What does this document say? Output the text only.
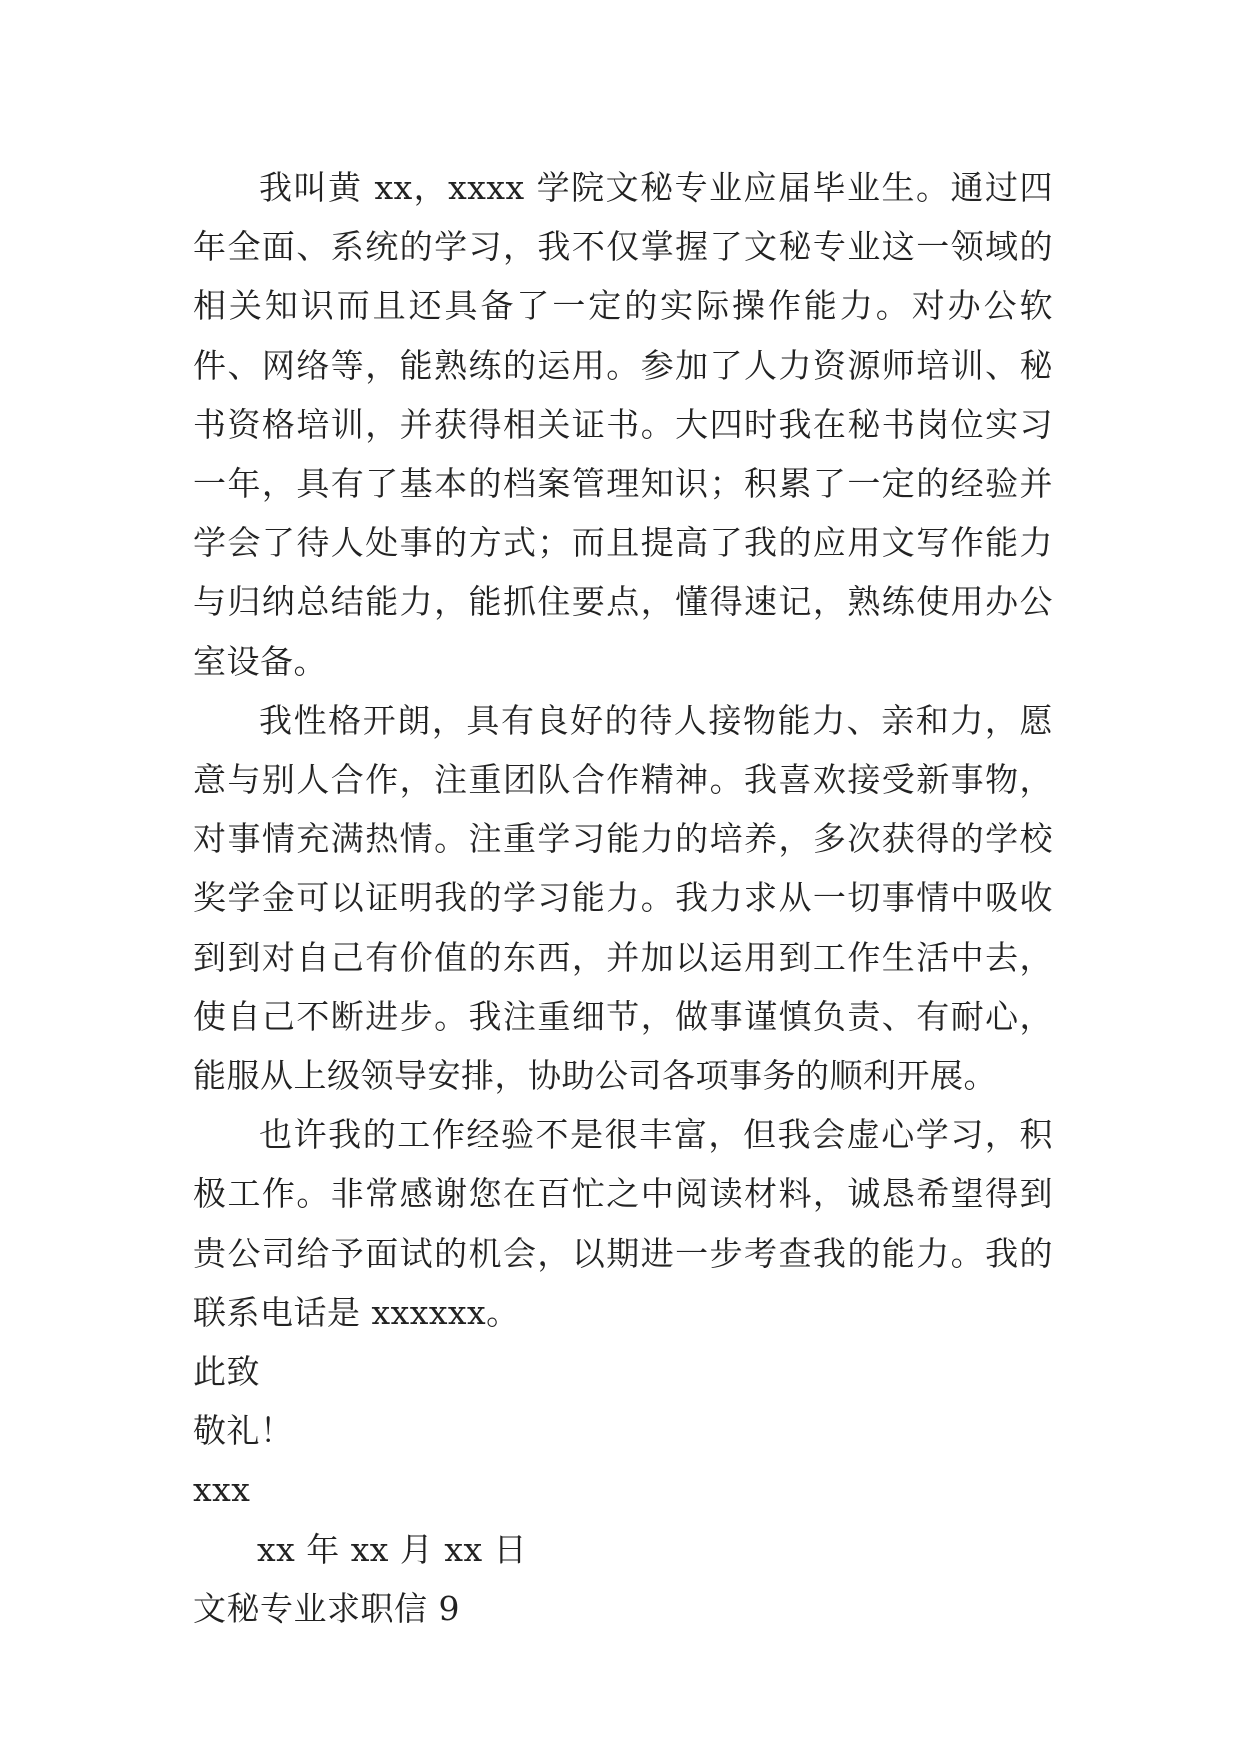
我叫黄 xx，xxxx 学院文秘专业应届毕业生。通过四年全面、系统的学习，我不仅掌握了文秘专业这一领域的相关知识而且还具备了一定的实际操作能力。对办公软件、网络等，能熟练的运用。参加了人力资源师培训、秘书资格培训，并获得相关证书。大四时我在秘书岗位实习一年，具有了基本的档案管理知识；积累了一定的经验并学会了待人处事的方式；而且提高了我的应用文写作能力与归纳总结能力，能抓住要点，懂得速记，熟练使用办公室设备。

我性格开朗，具有良好的待人接物能力、亲和力，愿意与别人合作，注重团队合作精神。我喜欢接受新事物，对事情充满热情。注重学习能力的培养，多次获得的学校奖学金可以证明我的学习能力。我力求从一切事情中吸收到到对自己有价值的东西，并加以运用到工作生活中去，使自己不断进步。我注重细节，做事谨慎负责、有耐心，能服从上级领导安排，协助公司各项事务的顺利开展。

也许我的工作经验不是很丰富，但我会虚心学习，积极工作。非常感谢您在百忙之中阅读材料，诚恳希望得到贵公司给予面试的机会，以期进一步考查我的能力。我的联系电话是 xxxxxx。

此致

敬礼！

xxx

xx 年 xx 月 xx 日

文秘专业求职信 9
